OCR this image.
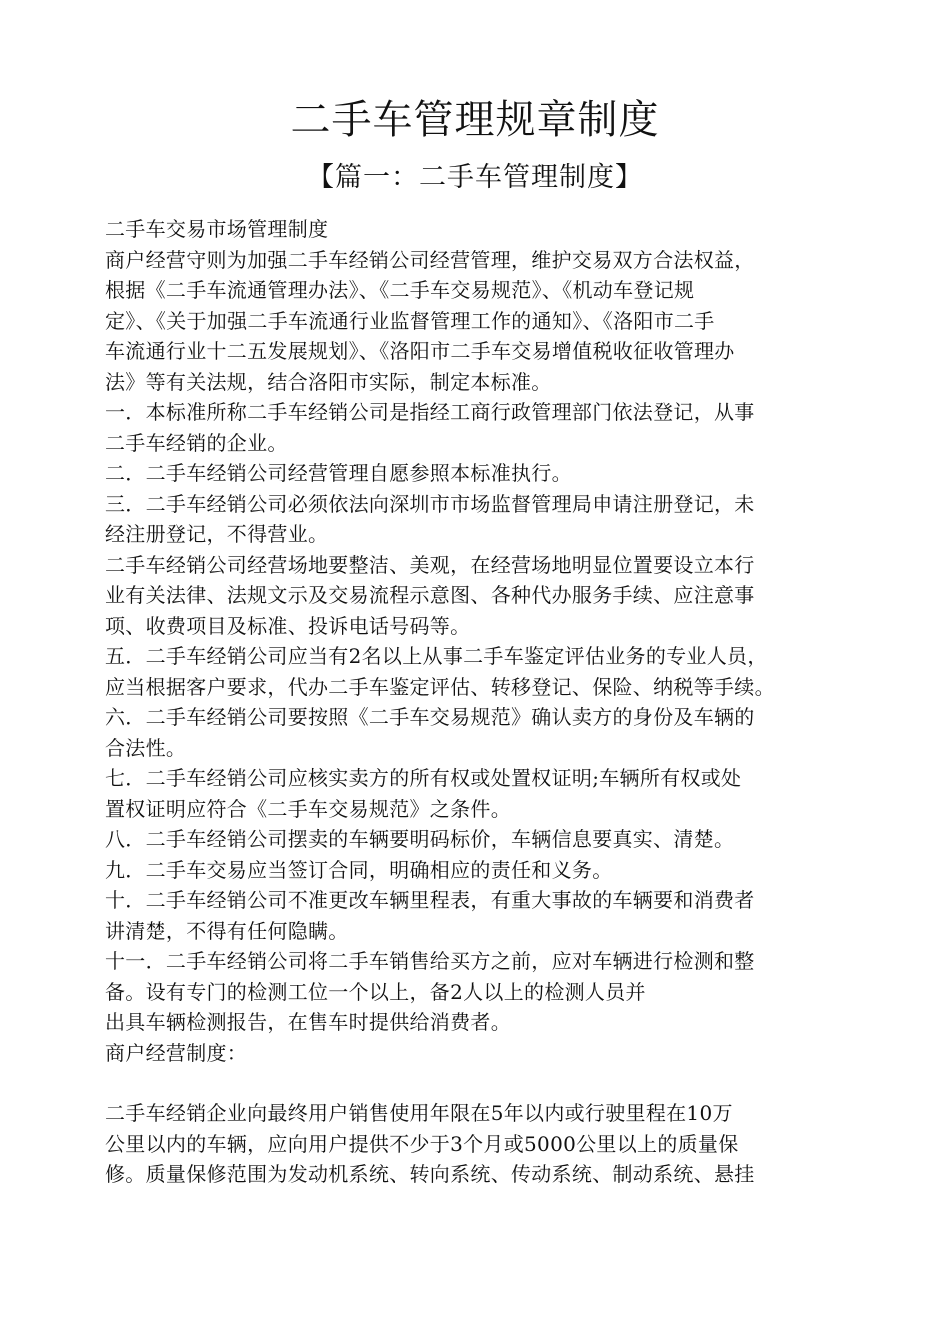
二手车管理规章制度
【篇一：二手车管理制度】
二手车交易市场管理制度
商户经营守则为加强二手车经销公司经营管理，维护交易双方合法权益，
根据《二手车流通管理办法》、《二手车交易规范》、《机动车登记规
定》、《关于加强二手车流通行业监督管理工作的通知》、《洛阳市二手
车流通行业十二五发展规划》、《洛阳市二手车交易增值税收征收管理办
法》等有关法规，结合洛阳市实际，制定本标准。
一．本标准所称二手车经销公司是指经工商行政管理部门依法登记，从事
二手车经销的企业。
二．二手车经销公司经营管理自愿参照本标准执行。
三．二手车经销公司必须依法向深圳市市场监督管理局申请注册登记，未
经注册登记，不得营业。
二手车经销公司经营场地要整洁、美观，在经营场地明显位置要设立本行
业有关法律、法规文示及交易流程示意图、各种代办服务手续、应注意事
项、收费项目及标准、投诉电话号码等。
五．二手车经销公司应当有2名以上从事二手车鉴定评估业务的专业人员，
应当根据客户要求，代办二手车鉴定评估、转移登记、保险、纳税等手续。
六．二手车经销公司要按照《二手车交易规范》确认卖方的身份及车辆的
合法性。
七．二手车经销公司应核实卖方的所有权或处置权证明;车辆所有权或处
置权证明应符合《二手车交易规范》之条件。
八．二手车经销公司摆卖的车辆要明码标价，车辆信息要真实、清楚。
九．二手车交易应当签订合同，明确相应的责任和义务。
十．二手车经销公司不准更改车辆里程表，有重大事故的车辆要和消费者
讲清楚，不得有任何隐瞒。
十一．二手车经销公司将二手车销售给买方之前，应对车辆进行检测和整
备。设有专门的检测工位一个以上，备2人以上的检测人员并
出具车辆检测报告，在售车时提供给消费者。
商户经营制度：
二手车经销企业向最终用户销售使用年限在5年以内或行驶里程在10万
公里以内的车辆，应向用户提供不少于3个月或5000公里以上的质量保
修。质量保修范围为发动机系统、转向系统、传动系统、制动系统、悬挂
